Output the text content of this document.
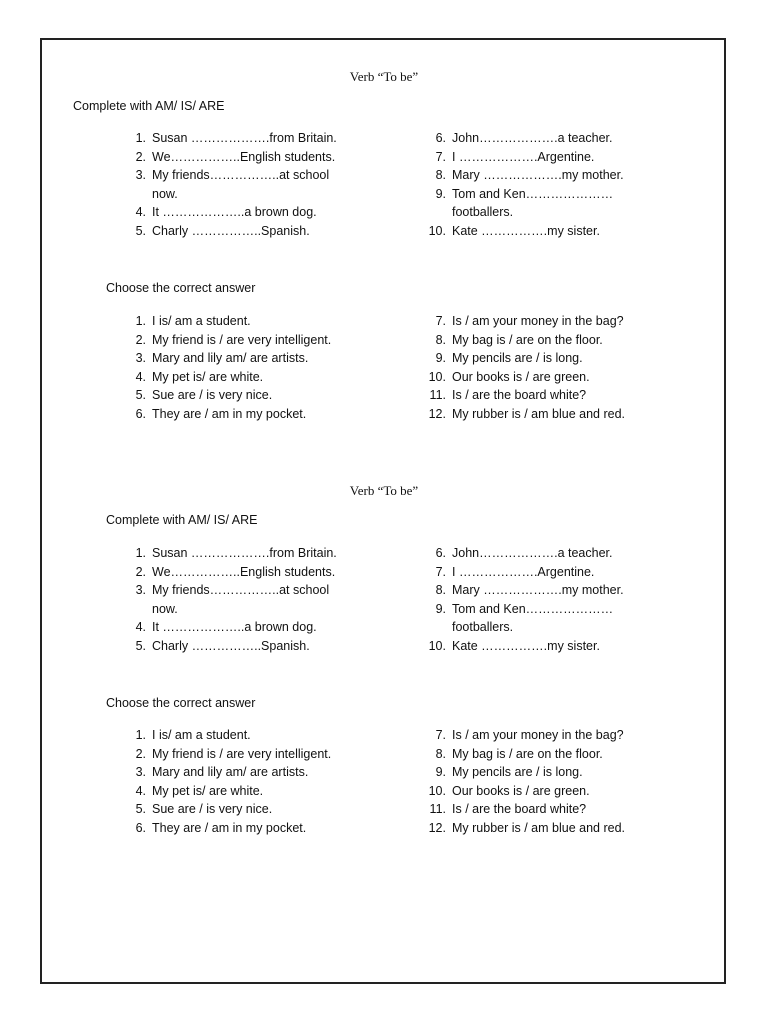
Verb “To be”
Complete with AM/ IS/ ARE
1. Susan ……………….from Britain.
2. We……………..English students.
3. My friends……………..at school now.
4. It ………………..a brown dog.
5. Charly ……………..Spanish.
6. John……………….a teacher.
7. I ……………….Argentine.
8. Mary ……………….my mother.
9. Tom and Ken…………………footballers.
10. Kate …………….my sister.
Choose the correct answer
1. I is/ am a student.
2. My friend is / are very intelligent.
3. Mary and lily am/ are artists.
4. My pet is/ are white.
5. Sue are / is very nice.
6. They are / am in my pocket.
7. Is / am your money in the bag?
8. My bag is / are on the floor.
9. My pencils are / is long.
10. Our books is / are green.
11. Is / are the board white?
12. My rubber is / am blue and red.
Verb “To be”
Complete with AM/ IS/ ARE
1. Susan ……………….from Britain.
2. We……………..English students.
3. My friends……………..at school now.
4. It ………………..a brown dog.
5. Charly ……………..Spanish.
6. John……………….a teacher.
7. I ……………….Argentine.
8. Mary ……………….my mother.
9. Tom and Ken…………………footballers.
10. Kate …………….my sister.
Choose the correct answer
1. I is/ am a student.
2. My friend is / are very intelligent.
3. Mary and lily am/ are artists.
4. My pet is/ are white.
5. Sue are / is very nice.
6. They are / am in my pocket.
7. Is / am your money in the bag?
8. My bag is / are on the floor.
9. My pencils are / is long.
10. Our books is / are green.
11. Is / are the board white?
12. My rubber is / am blue and red.
